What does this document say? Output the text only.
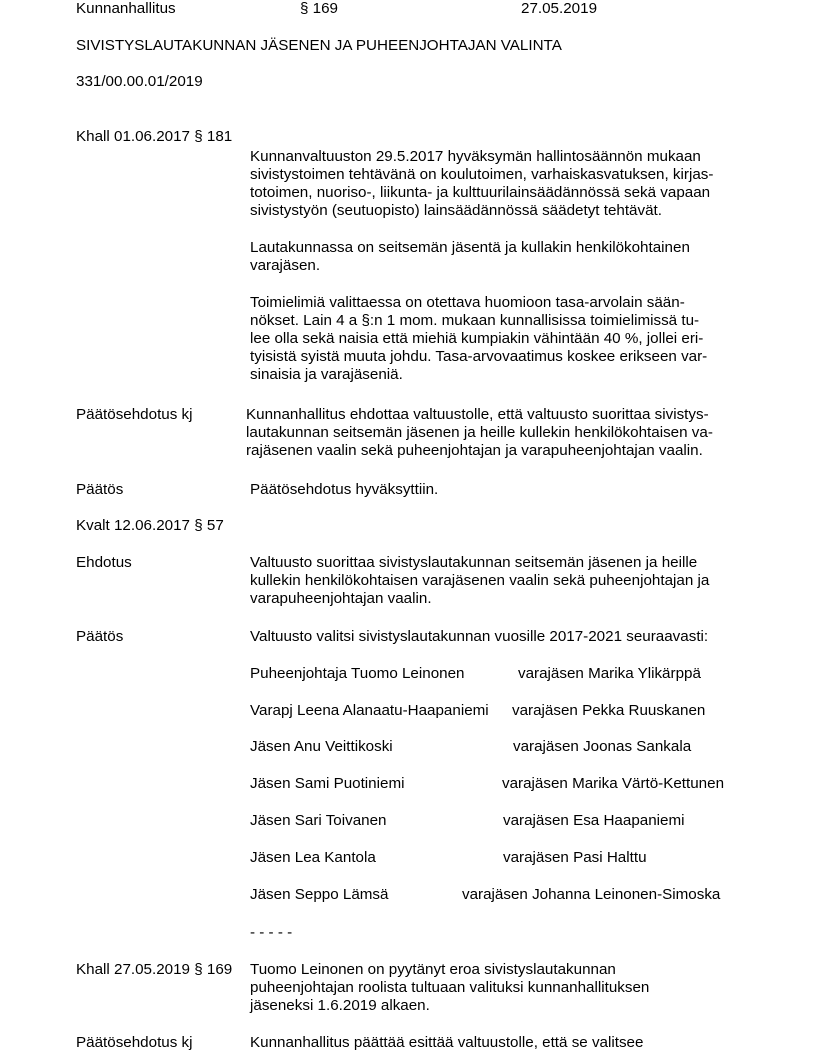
Kunnanhallitus	§ 169	27.05.2019
SIVISTYSLAUTAKUNNAN JÄSENEN JA PUHEENJOHTAJAN VALINTA
331/00.00.01/2019
Khall 01.06.2017 § 181
Kunnanvaltuuston 29.5.2017 hyväksymän hallintosäännön mukaan
sivistystoimen tehtävänä on koulutoimen, varhaiskasvatuksen, kirjas-
totoimen, nuoriso-, liikunta- ja kulttuurilainsäädännössä sekä vapaan
sivistystyön (seutuopisto) lainsäädännössä säädetyt tehtävät.
Lautakunnassa on seitsemän jäsentä ja kullakin henkilökohtainen
varajäsen.
Toimielimiä valittaessa on otettava huomioon tasa-arvolain sään-
nökset. Lain 4 a §:n 1 mom. mukaan kunnallisissa toimielimissä tu-
lee olla sekä naisia että miehiä kumpiakin vähintään 40 %, jollei eri-
tyisistä syistä muuta johdu. Tasa-arvovaatimus koskee erikseen var-
sinaisia ja varajäseniä.
Päätösehdotus kj	Kunnanhallitus ehdottaa valtuustolle, että valtuusto suorittaa sivistys-
lautakunnan seitsemän jäsenen ja heille kullekin henkilökohtaisen va-
rajäsenen vaalin sekä puheenjohtajan ja varapuheenjohtajan vaalin.
Päätös	Päätösehdotus hyväksyttiin.
Kvalt 12.06.2017 § 57
Ehdotus	Valtuusto suorittaa sivistyslautakunnan seitsemän jäsenen ja heille
kullekin henkilökohtaisen varajäsenen vaalin sekä puheenjohtajan ja
varapuheenjohtajan vaalin.
Päätös	Valtuusto valitsi sivistyslautakunnan vuosille 2017-2021 seuraavasti:
Puheenjohtaja Tuomo Leinonen	varajäsen Marika Ylikärppä
Varapj Leena Alanaatu-Haapaniemi varajäsen Pekka Ruuskanen
Jäsen Anu Veittikoski	varajäsen Joonas Sankala
Jäsen Sami Puotiniemi	varajäsen Marika Värtö-Kettunen
Jäsen Sari Toivanen	varajäsen Esa Haapaniemi
Jäsen Lea Kantola	varajäsen Pasi Halttu
Jäsen Seppo Lämsä	varajäsen Johanna Leinonen-Simoska
- - - - -
Khall 27.05.2019 § 169 Tuomo Leinonen on pyytänyt eroa sivistyslautakunnan
puheenjohtajan roolista tultuaan valituksi kunnanhallituksen
jäseneksi 1.6.2019 alkaen.
Päätösehdotus kj	Kunnanhallitus päättää esittää valtuustolle, että se valitsee
